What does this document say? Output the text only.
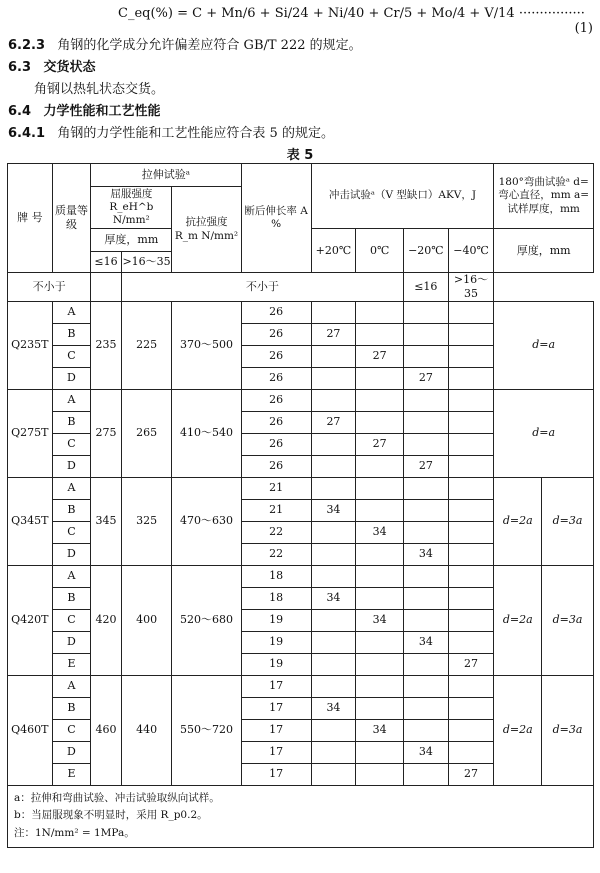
C_eq(%) = C + Mn/6 + Si/24 + Ni/40 + Cr/5 + Mo/4 + V/14 ················
(1)
6.2.3 角钢的化学成分允许偏差应符合 GB/T 222 的规定。
6.3 交货状态
角钢以热轧状态交货。
6.4 力学性能和工艺性能
6.4.1 角钢的力学性能和工艺性能应符合表 5 的规定。
表 5
牌 号	质量等级	拉伸试验ᵃ			断后伸长率 A %	冲击试验ᵃ（V 型缺口）AKV，J				180°弯曲试验ᵃ d=弯心直径，mm a=试样厚度，mm	
		屈服强度 R_eH^b N/mm²		抗拉强度 R_m N/mm²							
		厚度，mm				+20℃	0℃	−20℃	−40℃	厚度，mm	
		≤16	>16～35								
不小于			不小于					≤16	>16～35		
Q235T	A	235	225	370～500	26					d=a	
	B				26	27					
	C				26		27				
	D				26			27			
Q275T	A	275	265	410～540	26					d=a	
	B				26	27					
	C				26		27				
	D				26			27			
Q345T	A	345	325	470～630	21					d=2a	d=3a
	B				21	34					
	C				22		34				
	D				22			34			
Q420T	A	420	400	520～680	18					d=2a	d=3a
	B				18	34					
	C				19		34				
	D				19			34			
	E				19				27		
Q460T	A	460	440	550～720	17					d=2a	d=3a
	B				17	34					
	C				17		34				
	D				17			34			
	E				17				27		

a：拉伸和弯曲试验、冲击试验取纵向试样。
b：当屈服现象不明显时，采用 R_p0.2。
注：1N/mm² = 1MPa。											
